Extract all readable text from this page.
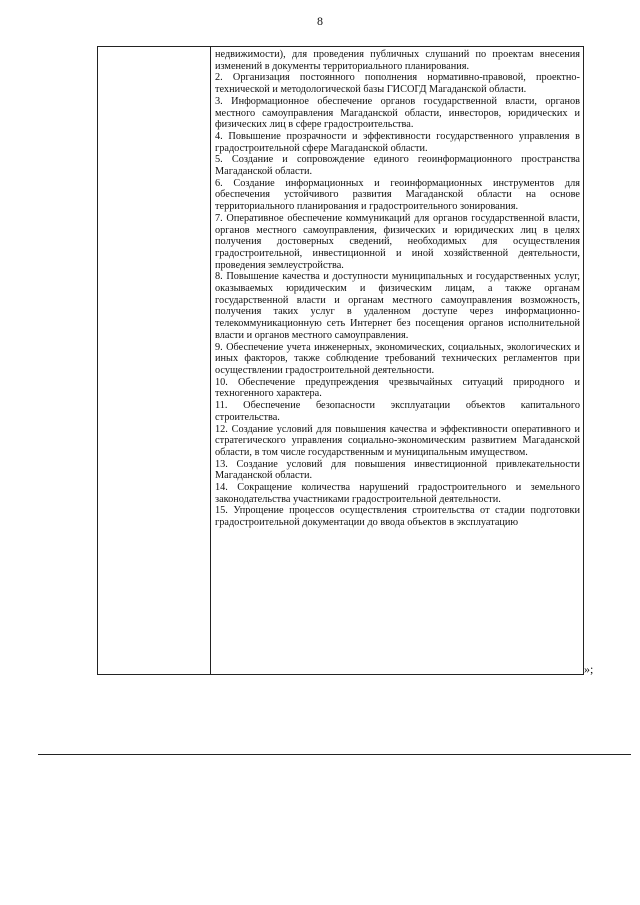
8

недвижимости), для проведения публичных слушаний по проектам внесения изменений в документы территориального планирования.

2. Организация постоянного пополнения нормативно-правовой, проектно-технической и методологической базы ГИСОГД Магаданской области.

3. Информационное обеспечение органов государственной власти, органов местного самоуправления Магаданской области, инвесторов, юридических и физических лиц в сфере градостроительства.

4. Повышение прозрачности и эффективности государственного управления в градостроительной сфере Магаданской области.

5. Создание и сопровождение единого геоинформационного пространства Магаданской области.

6. Создание информационных и геоинформационных инструментов для обеспечения устойчивого развития Магаданской области на основе территориального планирования и градостроительного зонирования.

7. Оперативное обеспечение коммуникаций для органов государственной власти, органов местного самоуправления, физических и юридических лиц в целях получения достоверных сведений, необходимых для осуществления градостроительной, инвестиционной и иной хозяйственной деятельности, проведения землеустройства.

8. Повышение качества и доступности муниципальных и государственных услуг, оказываемых юридическим и физическим лицам, а также органам государственной власти и органам местного самоуправления возможность, получения таких услуг в удаленном доступе через информационно-телекоммуникационную сеть Интернет без посещения органов исполнительной власти и органов местного самоуправления.

9. Обеспечение учета инженерных, экономических, социальных, экологических и иных факторов, также соблюдение требований технических регламентов при осуществлении градостроительной деятельности.

10. Обеспечение предупреждения чрезвычайных ситуаций природного и техногенного характера.

11. Обеспечение безопасности эксплуатации объектов капитального строительства.

12. Создание условий для повышения качества и эффективности оперативного и стратегического управления социально-экономическим развитием Магаданской области, в том числе государственным и муниципальным имуществом.

13. Создание условий для повышения инвестиционной привлекательности Магаданской области.

14. Сокращение количества нарушений градостроительного и земельного законодательства участниками градостроительной деятельности.

15. Упрощение процессов осуществления строительства от стадии подготовки градостроительной документации до ввода объектов в эксплуатацию

»;
